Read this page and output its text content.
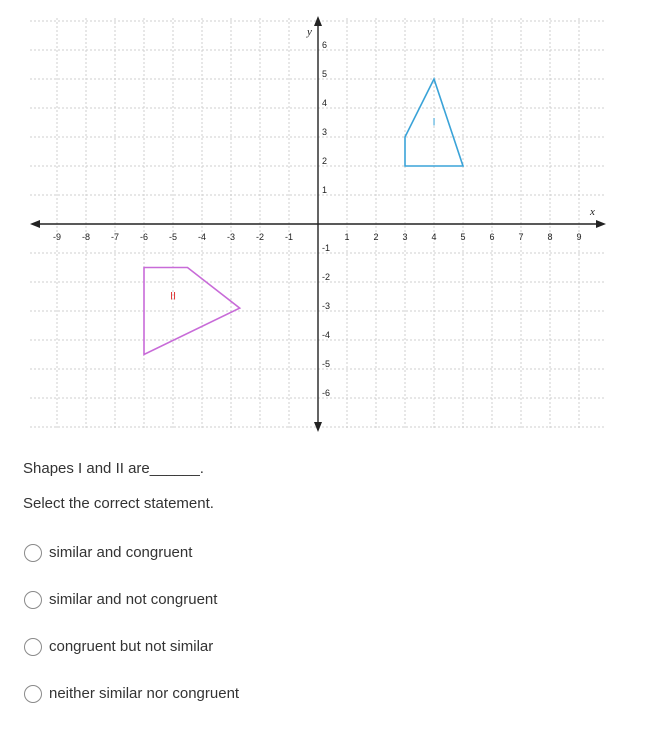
x
y
-9 -8 -7 -6 -5 -4 -3 -2 -1	1	2	3	4	5	6	7	8	9
-6
-5
-4
-3
-2
-1
1
2
3
4
5
6
I
II

Shapes I and II are______.

Select the correct statement.

similar and congruent
similar and not congruent
congruent but not similar
neither similar nor congruent
